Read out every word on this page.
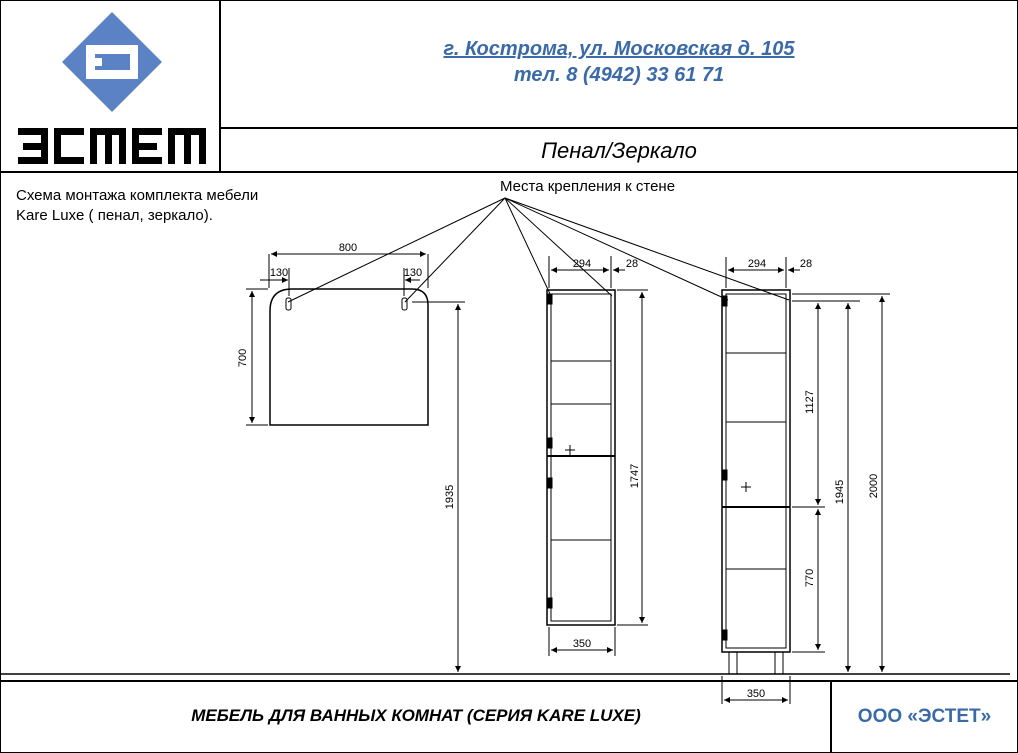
г. Кострома, ул. Московская д. 105
тел. 8 (4942) 33 61 71
Пенал/Зеркало
Схема монтажа комплекта мебели
Kare Luxe ( пенал, зеркало).
Места крепления к стене
800
130	130
700
1935
294	28
1747
350
294	28
1127
770
1945 2000
350
МЕБЕЛЬ ДЛЯ ВАННЫХ КОМНАТ (СЕРИЯ KARE LUXE)	ООО «ЭСТЕТ»
